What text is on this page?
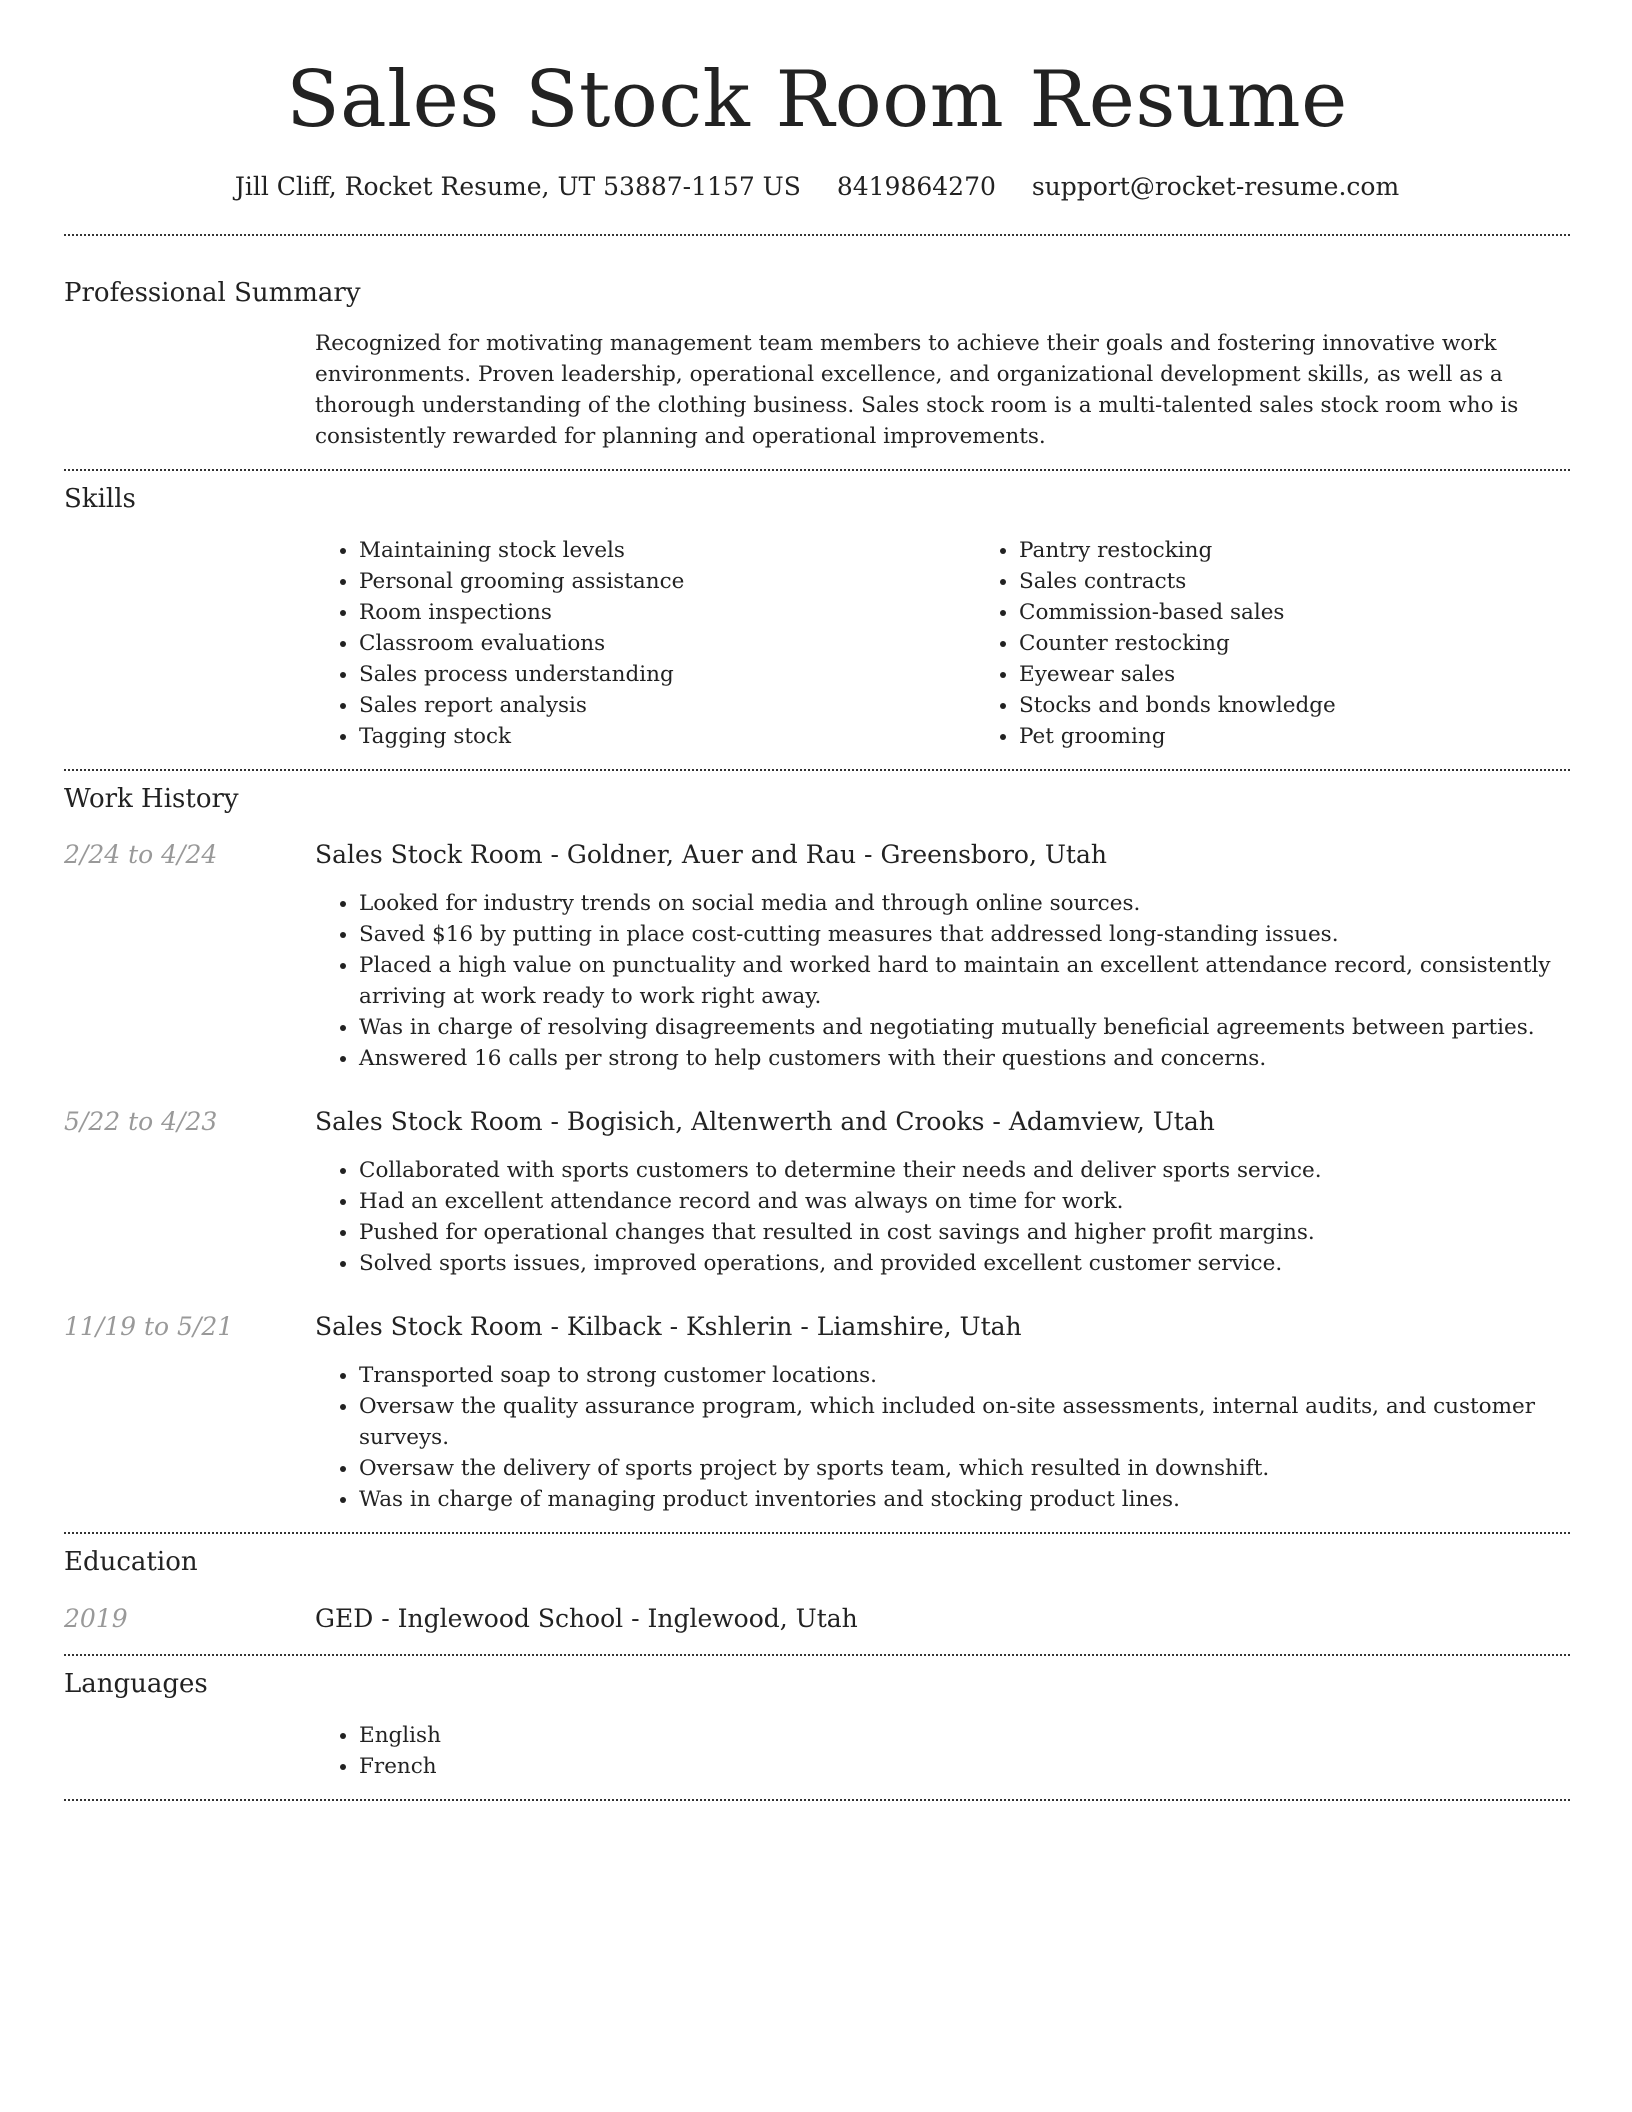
Sales Stock Room Resume
Jill Cliff, Rocket Resume, UT 53887-1157 US 8419864270 support@rocket-resume.com
Professional Summary
Recognized for motivating management team members to achieve their goals and fostering innovative work environments. Proven leadership, operational excellence, and organizational development skills, as well as a thorough understanding of the clothing business. Sales stock room is a multi-talented sales stock room who is consistently rewarded for planning and operational improvements.
Skills
• Maintaining stock levels
• Personal grooming assistance
• Room inspections
• Classroom evaluations
• Sales process understanding
• Sales report analysis
• Tagging stock
• Pantry restocking
• Sales contracts
• Commission-based sales
• Counter restocking
• Eyewear sales
• Stocks and bonds knowledge
• Pet grooming
Work History
2/24 to 4/24	Sales Stock Room - Goldner, Auer and Rau - Greensboro, Utah
• Looked for industry trends on social media and through online sources.
• Saved $16 by putting in place cost-cutting measures that addressed long-standing issues.
• Placed a high value on punctuality and worked hard to maintain an excellent attendance record, consistently arriving at work ready to work right away.
• Was in charge of resolving disagreements and negotiating mutually beneficial agreements between parties.
• Answered 16 calls per strong to help customers with their questions and concerns.
5/22 to 4/23	Sales Stock Room - Bogisich, Altenwerth and Crooks - Adamview, Utah
• Collaborated with sports customers to determine their needs and deliver sports service.
• Had an excellent attendance record and was always on time for work.
• Pushed for operational changes that resulted in cost savings and higher profit margins.
• Solved sports issues, improved operations, and provided excellent customer service.
11/19 to 5/21	Sales Stock Room - Kilback - Kshlerin - Liamshire, Utah
• Transported soap to strong customer locations.
• Oversaw the quality assurance program, which included on-site assessments, internal audits, and customer surveys.
• Oversaw the delivery of sports project by sports team, which resulted in downshift.
• Was in charge of managing product inventories and stocking product lines.
Education
2019	GED - Inglewood School - Inglewood, Utah
Languages
• English
• French
